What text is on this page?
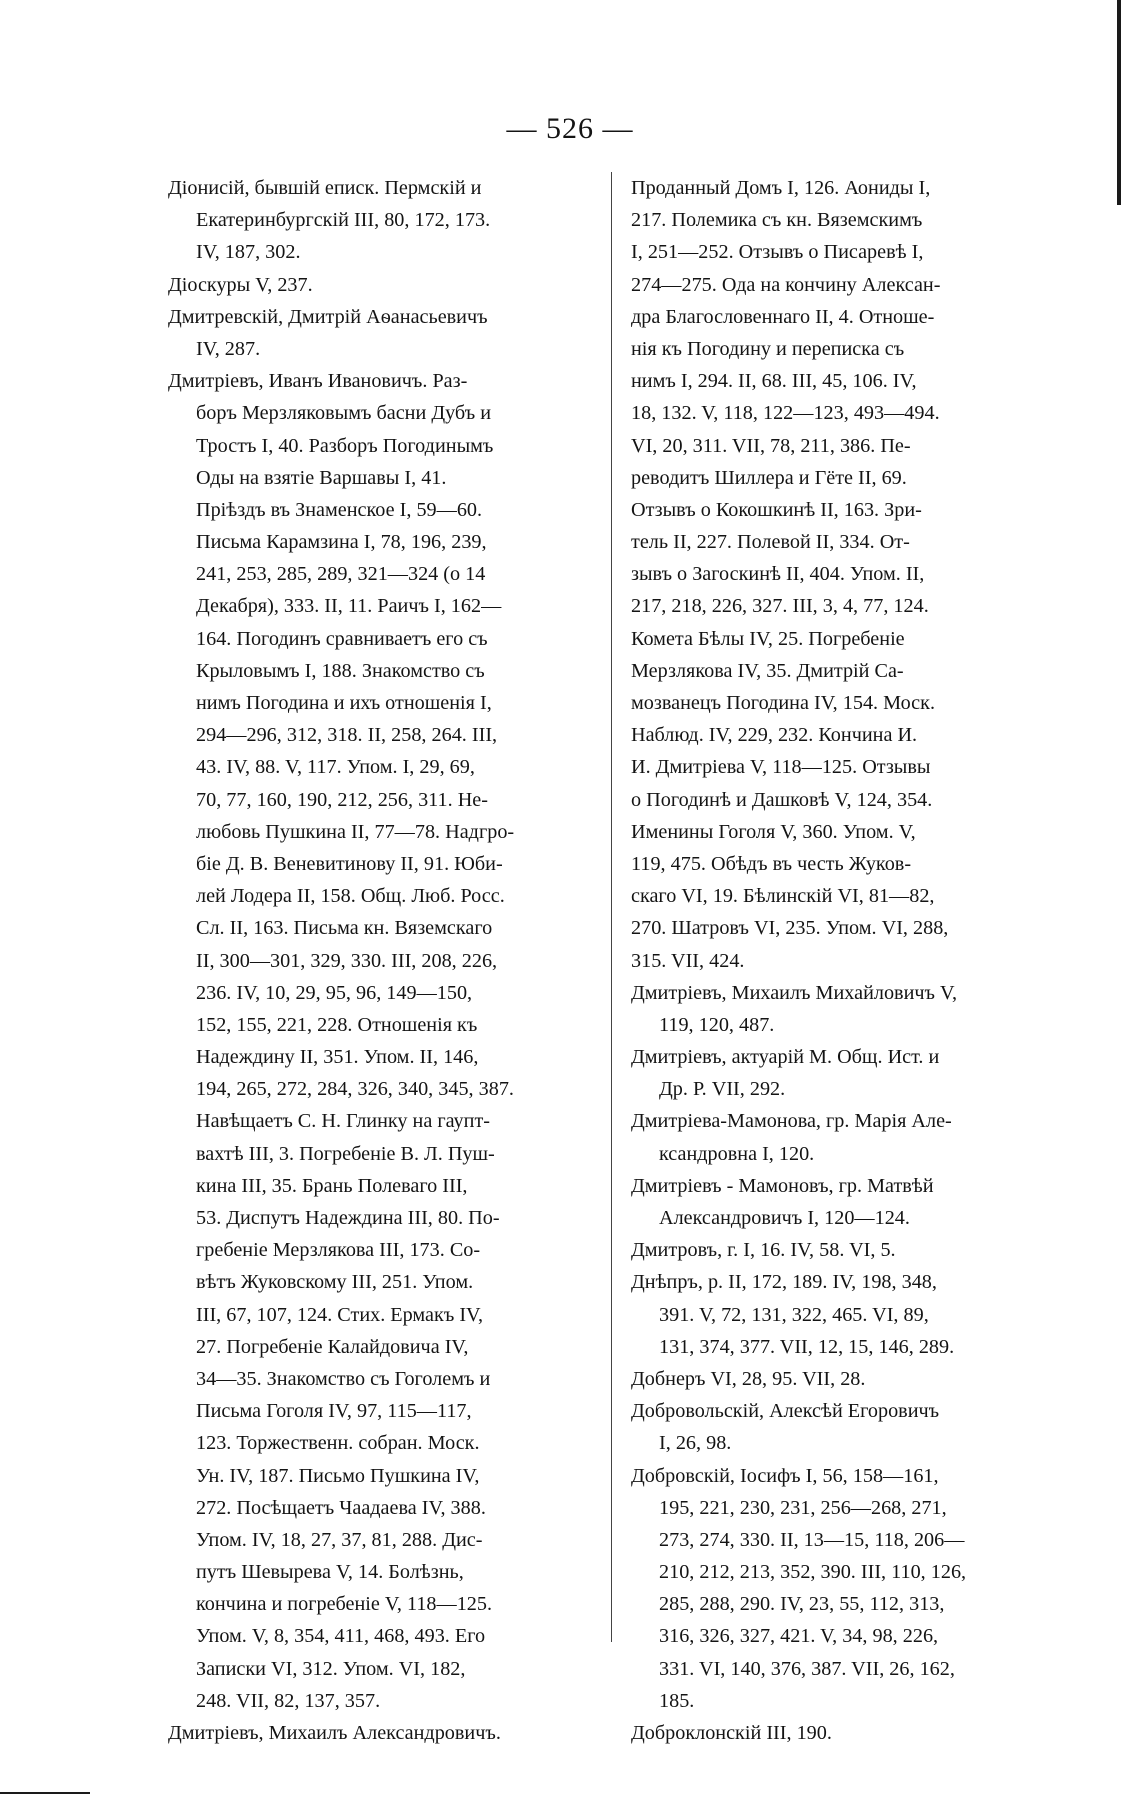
— 526 —
Діонисій, бывшій еписк. Пермскій и
Екатеринбургскій III, 80, 172, 173.
IV, 187, 302.
Діоскуры V, 237.
Дмитревскій, Дмитрій Аѳанасьевичъ
IV, 287.
Дмитріевъ, Иванъ Ивановичъ. Раз-
боръ Мерзляковымъ басни Дубъ и
Тростъ I, 40. Разборъ Погодинымъ
Оды на взятіе Варшавы I, 41.
Пріѣздъ въ Знаменское I, 59—60.
Письма Карамзина I, 78, 196, 239,
241, 253, 285, 289, 321—324 (о 14
Декабря), 333. II, 11. Раичъ I, 162—
164. Погодинъ сравниваетъ его съ
Крыловымъ I, 188. Знакомство съ
нимъ Погодина и ихъ отношенія I,
294—296, 312, 318. II, 258, 264. III,
43. IV, 88. V, 117. Упом. I, 29, 69,
70, 77, 160, 190, 212, 256, 311. Не-
любовь Пушкина II, 77—78. Надгро-
біе Д. В. Веневитинову II, 91. Юби-
лей Лодера II, 158. Общ. Люб. Росс.
Сл. II, 163. Письма кн. Вяземскаго
II, 300—301, 329, 330. III, 208, 226,
236. IV, 10, 29, 95, 96, 149—150,
152, 155, 221, 228. Отношенія къ
Надеждину II, 351. Упом. II, 146,
194, 265, 272, 284, 326, 340, 345, 387.
Навѣщаетъ С. Н. Глинку на гаупт-
вахтѣ III, 3. Погребеніе В. Л. Пуш-
кина III, 35. Брань Полеваго III,
53. Диспутъ Надеждина III, 80. По-
гребеніе Мерзлякова III, 173. Со-
вѣтъ Жуковскому III, 251. Упом.
III, 67, 107, 124. Стих. Ермакъ IV,
27. Погребеніе Калайдовича IV,
34—35. Знакомство съ Гоголемъ и
Письма Гоголя IV, 97, 115—117,
123. Торжественн. собран. Моск.
Ун. IV, 187. Письмо Пушкина IV,
272. Посѣщаетъ Чаадаева IV, 388.
Упом. IV, 18, 27, 37, 81, 288. Дис-
путъ Шевырева V, 14. Болѣзнь,
кончина и погребеніе V, 118—125.
Упом. V, 8, 354, 411, 468, 493. Его
Записки VI, 312. Упом. VI, 182,
248. VII, 82, 137, 357.
Дмитріевъ, Михаилъ Александровичъ.
Проданный Домъ I, 126. Аониды I,
217. Полемика съ кн. Вяземскимъ
I, 251—252. Отзывъ о Писаревѣ I,
274—275. Ода на кончину Алексан-
дра Благословеннаго II, 4. Отноше-
нія къ Погодину и переписка съ
нимъ I, 294. II, 68. III, 45, 106. IV,
18, 132. V, 118, 122—123, 493—494.
VI, 20, 311. VII, 78, 211, 386. Пе-
реводитъ Шиллера и Гёте II, 69.
Отзывъ о Кокошкинѣ II, 163. Зри-
тель II, 227. Полевой II, 334. От-
зывъ о Загоскинѣ II, 404. Упом. II,
217, 218, 226, 327. III, 3, 4, 77, 124.
Комета Бѣлы IV, 25. Погребеніе
Мерзлякова IV, 35. Дмитрій Са-
мозванецъ Погодина IV, 154. Моск.
Наблюд. IV, 229, 232. Кончина И.
И. Дмитріева V, 118—125. Отзывы
о Погодинѣ и Дашковѣ V, 124, 354.
Именины Гоголя V, 360. Упом. V,
119, 475. Обѣдъ въ честь Жуков-
скаго VI, 19. Бѣлинскій VI, 81—82,
270. Шатровъ VI, 235. Упом. VI, 288,
315. VII, 424.
Дмитріевъ, Михаилъ Михайловичъ V,
119, 120, 487.
Дмитріевъ, актуарій М. Общ. Ист. и
Др. Р. VII, 292.
Дмитріева-Мамонова, гр. Марія Але-
ксандровна I, 120.
Дмитріевъ - Мамоновъ, гр. Матвѣй
Александровичъ I, 120—124.
Дмитровъ, г. I, 16. IV, 58. VI, 5.
Днѣпръ, р. II, 172, 189. IV, 198, 348,
391. V, 72, 131, 322, 465. VI, 89,
131, 374, 377. VII, 12, 15, 146, 289.
Добнеръ VI, 28, 95. VII, 28.
Добровольскій, Алексѣй Егоровичъ
I, 26, 98.
Добровскій, Іосифъ I, 56, 158—161,
195, 221, 230, 231, 256—268, 271,
273, 274, 330. II, 13—15, 118, 206—
210, 212, 213, 352, 390. III, 110, 126,
285, 288, 290. IV, 23, 55, 112, 313,
316, 326, 327, 421. V, 34, 98, 226,
331. VI, 140, 376, 387. VII, 26, 162,
185.
Доброклонскій III, 190.
